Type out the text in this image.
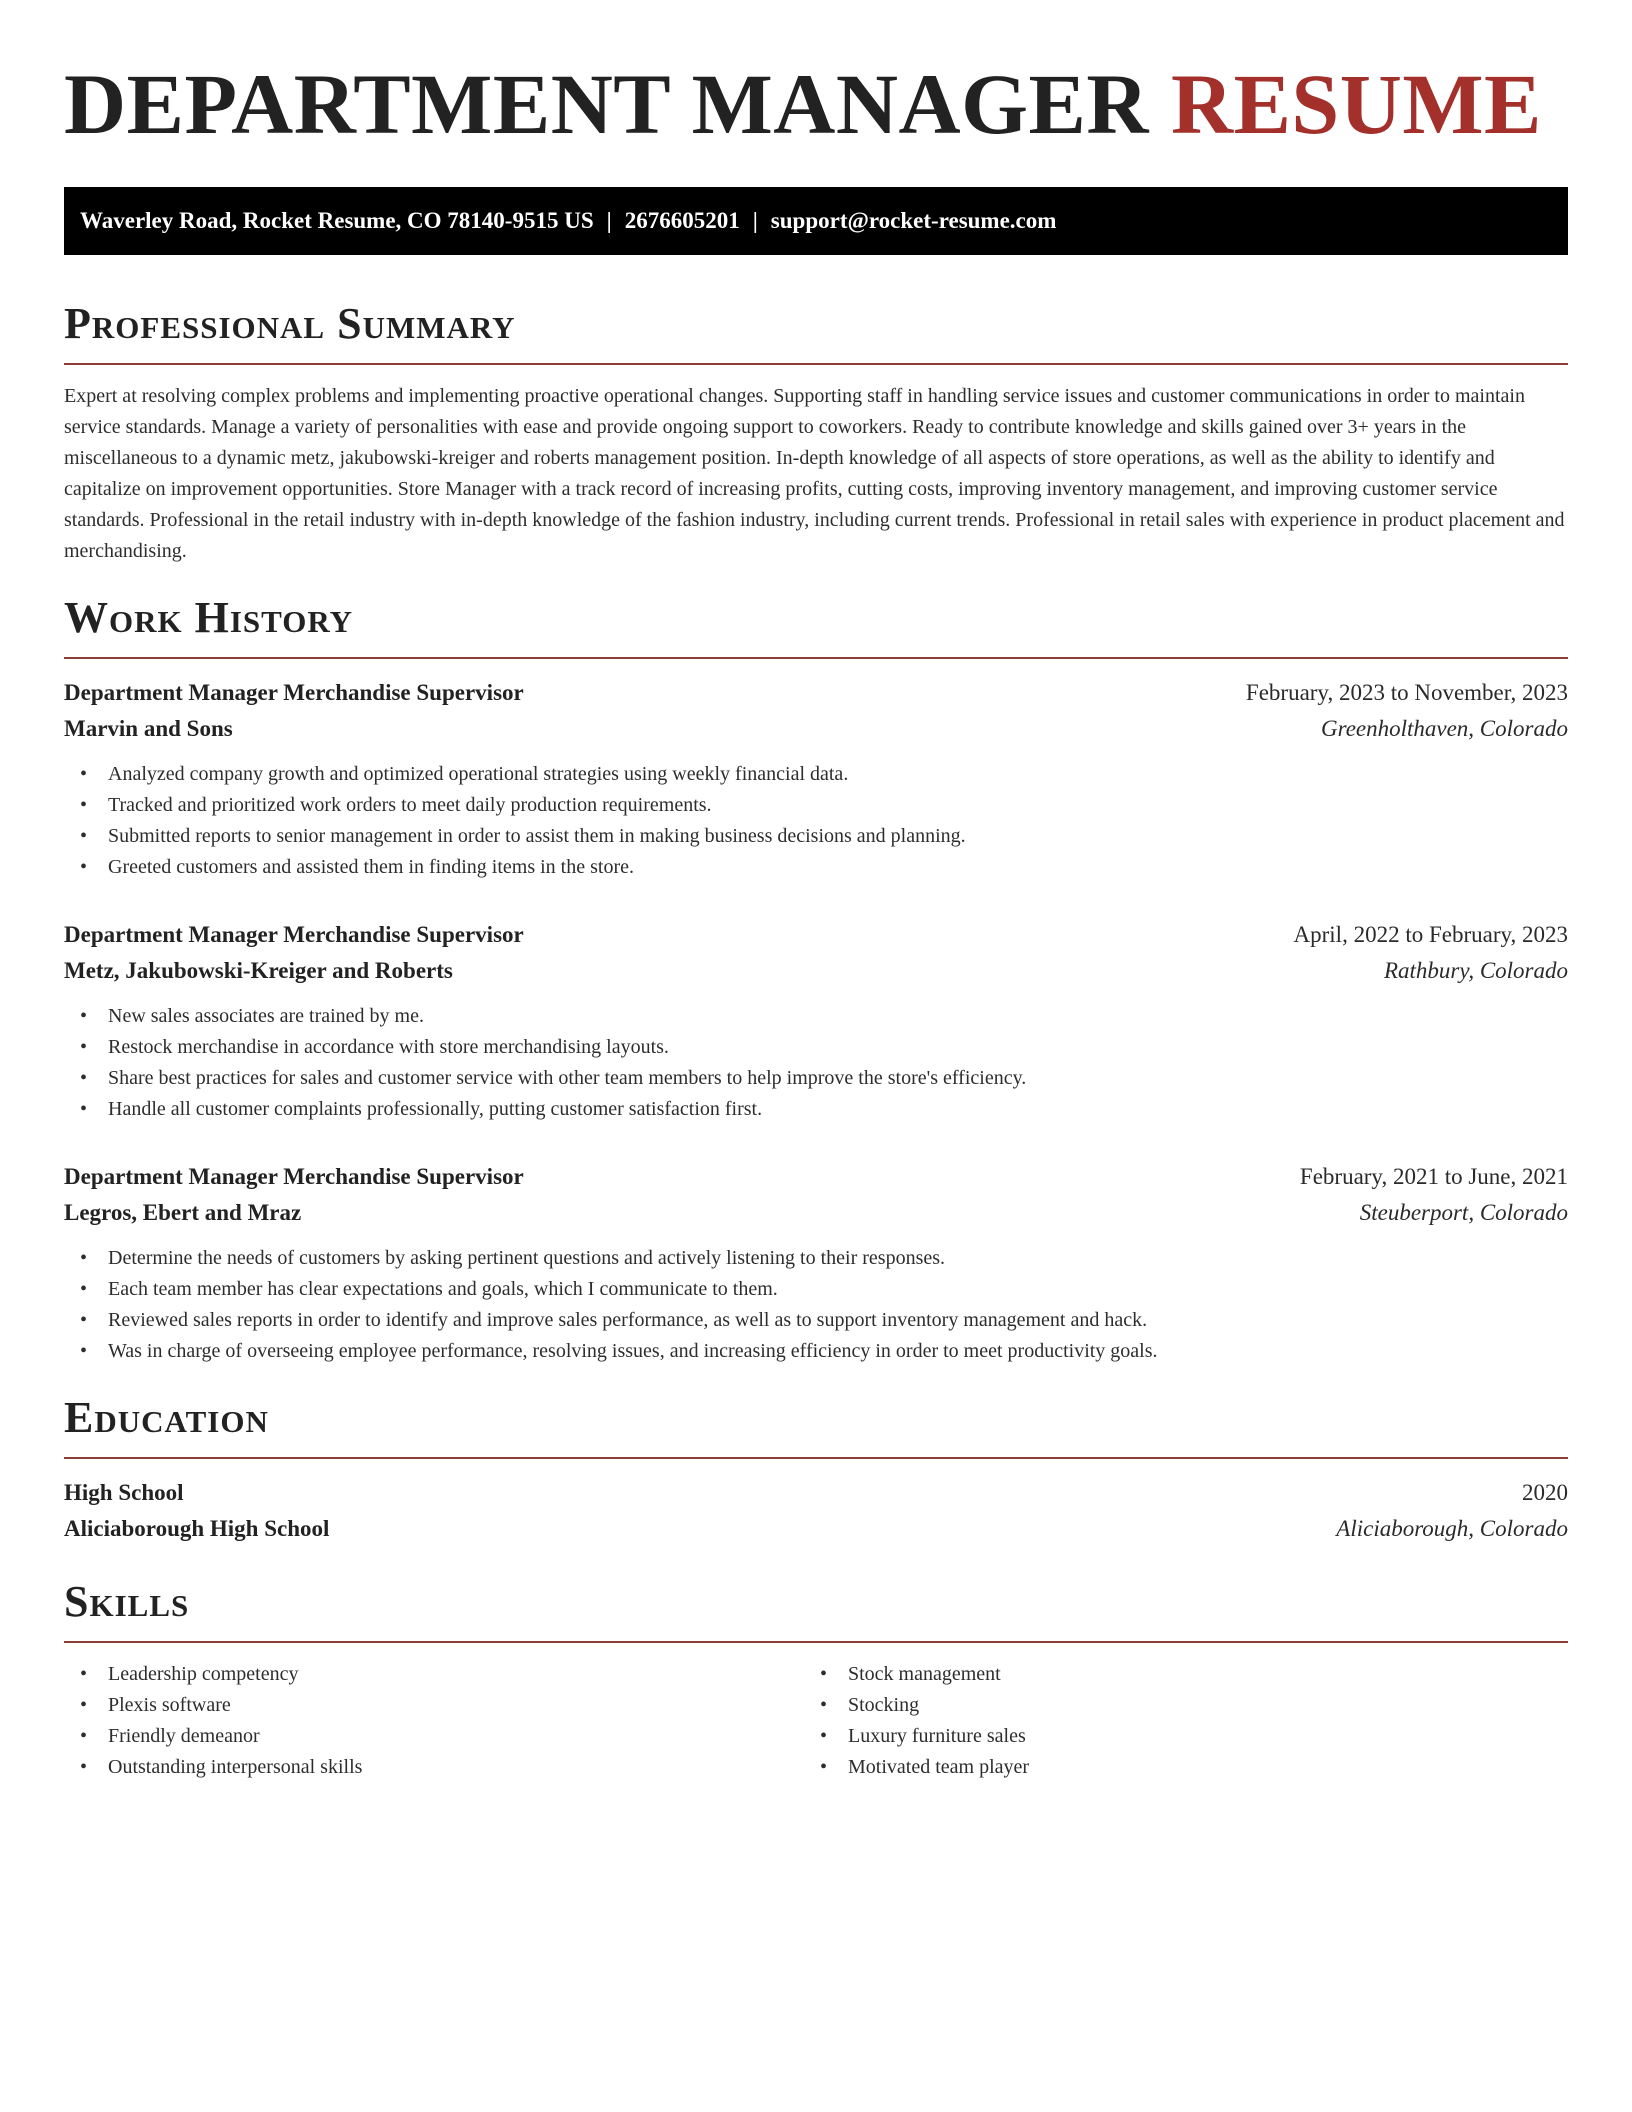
DEPARTMENT MANAGER RESUME
Waverley Road, Rocket Resume, CO 78140-9515 US | 2676605201 | support@rocket-resume.com
Professional Summary

Expert at resolving complex problems and implementing proactive operational changes. Supporting staff in handling service issues and customer communications in order to maintain service standards. Manage a variety of personalities with ease and provide ongoing support to coworkers. Ready to contribute knowledge and skills gained over 3+ years in the miscellaneous to a dynamic metz, jakubowski-kreiger and roberts management position. In-depth knowledge of all aspects of store operations, as well as the ability to identify and capitalize on improvement opportunities. Store Manager with a track record of increasing profits, cutting costs, improving inventory management, and improving customer service standards. Professional in the retail industry with in-depth knowledge of the fashion industry, including current trends. Professional in retail sales with experience in product placement and merchandising.

Work History
Department Manager Merchandise Supervisor	February, 2023 to November, 2023
Marvin and Sons	Greenholthaven, Colorado
• Analyzed company growth and optimized operational strategies using weekly financial data.
• Tracked and prioritized work orders to meet daily production requirements.
• Submitted reports to senior management in order to assist them in making business decisions and planning.
• Greeted customers and assisted them in finding items in the store.
Department Manager Merchandise Supervisor	April, 2022 to February, 2023
Metz, Jakubowski-Kreiger and Roberts	Rathbury, Colorado
• New sales associates are trained by me.
• Restock merchandise in accordance with store merchandising layouts.
• Share best practices for sales and customer service with other team members to help improve the store's efficiency.
• Handle all customer complaints professionally, putting customer satisfaction first.
Department Manager Merchandise Supervisor	February, 2021 to June, 2021
Legros, Ebert and Mraz	Steuberport, Colorado
• Determine the needs of customers by asking pertinent questions and actively listening to their responses.
• Each team member has clear expectations and goals, which I communicate to them.
• Reviewed sales reports in order to identify and improve sales performance, as well as to support inventory management and hack.
• Was in charge of overseeing employee performance, resolving issues, and increasing efficiency in order to meet productivity goals.
Education
High School	2020
Aliciaborough High School	Aliciaborough, Colorado
Skills
• Leadership competency
• Plexis software
• Friendly demeanor
• Outstanding interpersonal skills
• Stock management
• Stocking
• Luxury furniture sales
• Motivated team player
